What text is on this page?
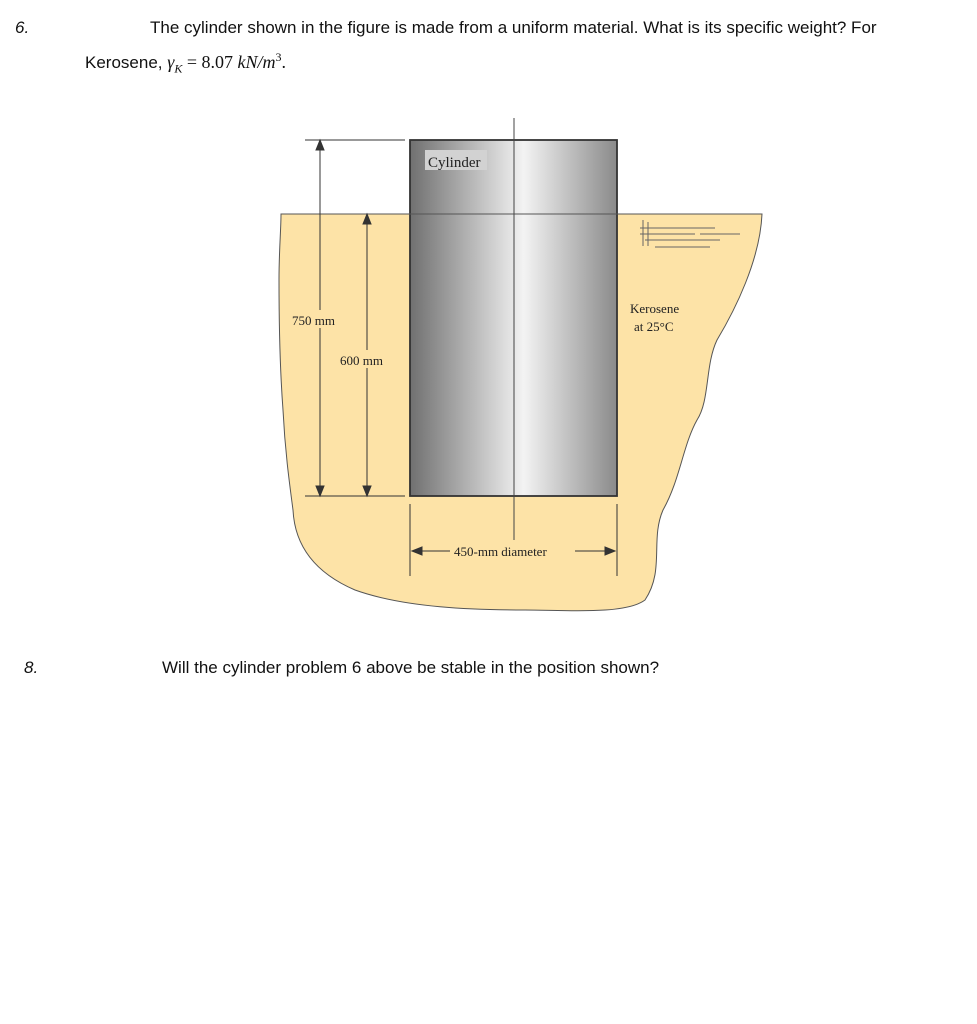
6.	The cylinder shown in the figure is made from a uniform material. What is its specific weight? For
Kerosene, $\gamma_K = 8.07$ $kN/m^3$.
Cylinder
750 mm
600 mm
450-mm diameter
Kerosene
at 25°C
8.	Will the cylinder problem 6 above be stable in the position shown?
